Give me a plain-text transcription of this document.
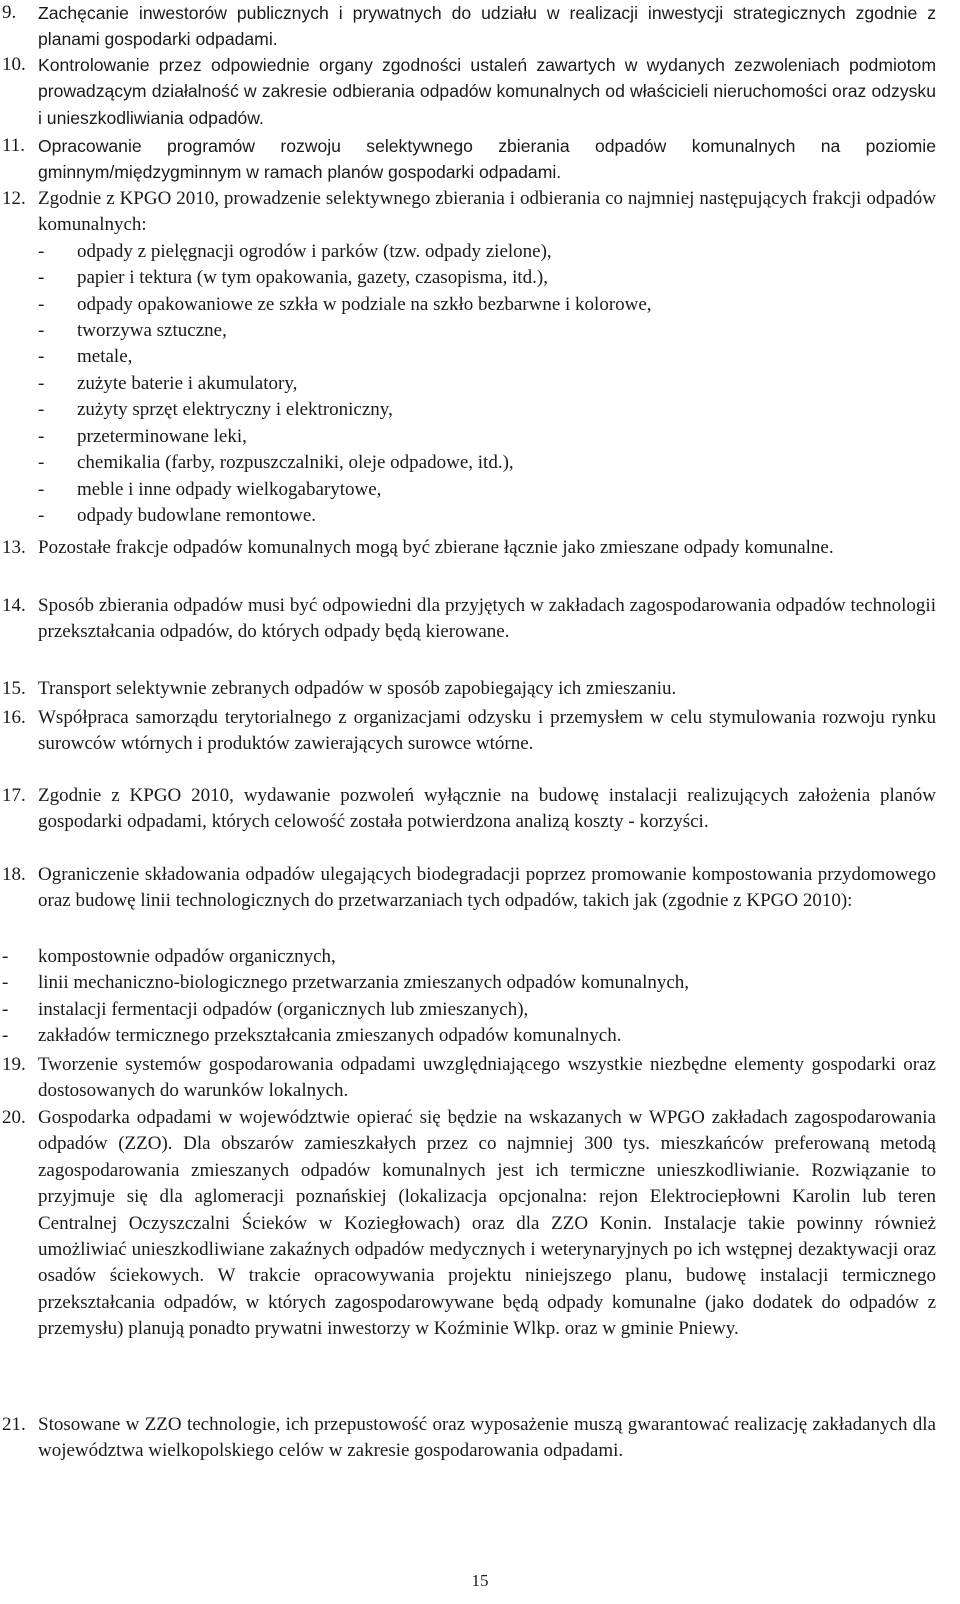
9. Zachęcanie inwestorów publicznych i prywatnych do udziału w realizacji inwestycji strategicznych zgodnie z planami gospodarki odpadami.
10. Kontrolowanie przez odpowiednie organy zgodności ustaleń zawartych w wydanych zezwoleniach podmiotom prowadzącym działalność w zakresie odbierania odpadów komunalnych od właścicieli nieruchomości oraz odzysku i unieszkodliwiania odpadów.
11. Opracowanie programów rozwoju selektywnego zbierania odpadów komunalnych na poziomie gminnym/międzygminnym w ramach planów gospodarki odpadami.
12. Zgodnie z KPGO 2010, prowadzenie selektywnego zbierania i odbierania co najmniej następujących frakcji odpadów komunalnych:
- odpady z pielęgnacji ogrodów i parków (tzw. odpady zielone),
- papier i tektura (w tym opakowania, gazety, czasopisma, itd.),
- odpady opakowaniowe ze szkła w podziale na szkło bezbarwne i kolorowe,
- tworzywa sztuczne,
- metale,
- zużyte baterie i akumulatory,
- zużyty sprzęt elektryczny i elektroniczny,
- przeterminowane leki,
- chemikalia (farby, rozpuszczalniki, oleje odpadowe, itd.),
- meble i inne odpady wielkogabarytowe,
- odpady budowlane remontowe.
13. Pozostałe frakcje odpadów komunalnych mogą być zbierane łącznie jako zmieszane odpady komunalne.
14. Sposób zbierania odpadów musi być odpowiedni dla przyjętych w zakładach zagospodarowania odpadów technologii przekształcania odpadów, do których odpady będą kierowane.
15. Transport selektywnie zebranych odpadów w sposób zapobiegający ich zmieszaniu.
16. Współpraca samorządu terytorialnego z organizacjami odzysku i przemysłem w celu stymulowania rozwoju rynku surowców wtórnych i produktów zawierających surowce wtórne.
17. Zgodnie z KPGO 2010, wydawanie pozwoleń wyłącznie na budowę instalacji realizujących założenia planów gospodarki odpadami, których celowość została potwierdzona analizą koszty - korzyści.
18. Ograniczenie składowania odpadów ulegających biodegradacji poprzez promowanie kompostowania przydomowego oraz budowę linii technologicznych do przetwarzaniach tych odpadów, takich jak (zgodnie z KPGO 2010):
- kompostownie odpadów organicznych,
- linii mechaniczno-biologicznego przetwarzania zmieszanych odpadów komunalnych,
- instalacji fermentacji odpadów (organicznych lub zmieszanych),
- zakładów termicznego przekształcania zmieszanych odpadów komunalnych.
19. Tworzenie systemów gospodarowania odpadami uwzględniającego wszystkie niezbędne elementy gospodarki oraz dostosowanych do warunków lokalnych.
20. Gospodarka odpadami w województwie opierać się będzie na wskazanych w WPGO zakładach zagospodarowania odpadów (ZZO). Dla obszarów zamieszkałych przez co najmniej 300 tys. mieszkańców preferowaną metodą zagospodarowania zmieszanych odpadów komunalnych jest ich termiczne unieszkodliwianie. Rozwiązanie to przyjmuje się dla aglomeracji poznańskiej (lokalizacja opcjonalna: rejon Elektrociepłowni Karolin lub teren Centralnej Oczyszczalni Ścieków w Koziegłowach) oraz dla ZZO Konin. Instalacje takie powinny również umożliwiać unieszkodliwiane zakaźnych odpadów medycznych i weterynaryjnych po ich wstępnej dezaktywacji oraz osadów ściekowych. W trakcie opracowywania projektu niniejszego planu, budowę instalacji termicznego przekształcania odpadów, w których zagospodarowywane będą odpady komunalne (jako dodatek do odpadów z przemysłu) planują ponadto prywatni inwestorzy w Koźminie Wlkp. oraz w gminie Pniewy.
21. Stosowane w ZZO technologie, ich przepustowość oraz wyposażenie muszą gwarantować realizację zakładanych dla województwa wielkopolskiego celów w zakresie gospodarowania odpadami.
15
